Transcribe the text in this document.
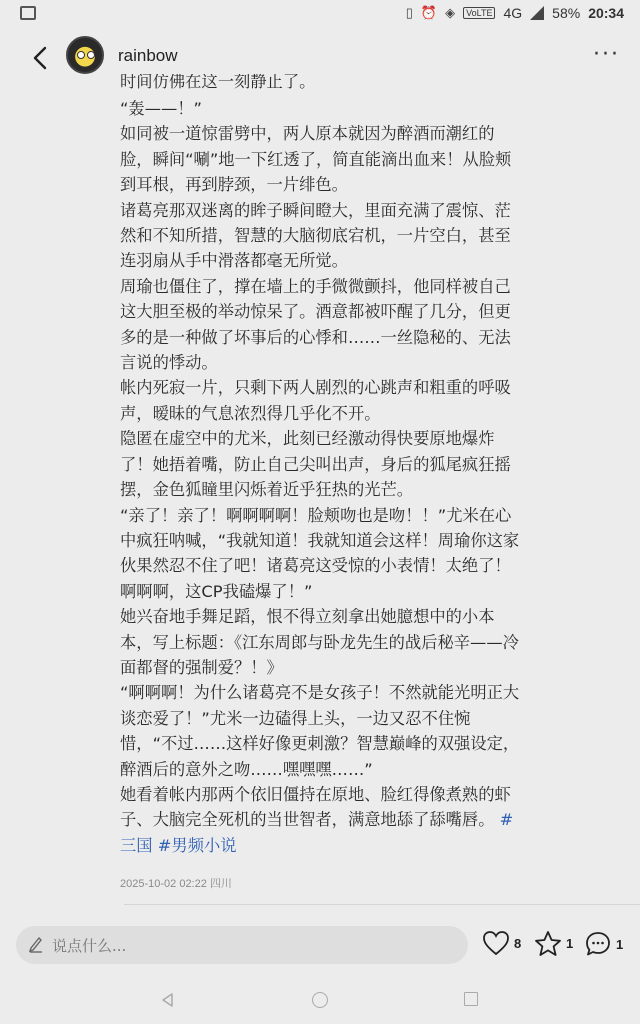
▯ ⏰ ◈	VoLTE 4G 58% 20:34
rainbow	···
时间仿佛在这一刻静止了。

“轰——！”

如同被一道惊雷劈中，两人原本就因为醉酒而潮红的脸，瞬间“唰”地一下红透了，简直能滴出血来！从脸颊到耳根，再到脖颈，一片绯色。

诸葛亮那双迷离的眸子瞬间瞪大，里面充满了震惊、茫然和不知所措，智慧的大脑彻底宕机，一片空白，甚至连羽扇从手中滑落都毫无所觉。

周瑜也僵住了，撑在墙上的手微微颤抖，他同样被自己这大胆至极的举动惊呆了。酒意都被吓醒了几分，但更多的是一种做了坏事后的心悸和……一丝隐秘的、无法言说的悸动。

帐内死寂一片，只剩下两人剧烈的心跳声和粗重的呼吸声，暧昧的气息浓烈得几乎化不开。

隐匿在虚空中的尤米，此刻已经激动得快要原地爆炸了！她捂着嘴，防止自己尖叫出声，身后的狐尾疯狂摇摆，金色狐瞳里闪烁着近乎狂热的光芒。

“亲了！亲了！啊啊啊啊！脸颊吻也是吻！！”尤米在心中疯狂呐喊，“我就知道！我就知道会这样！周瑜你这家伙果然忍不住了吧！诸葛亮这受惊的小表情！太绝了！啊啊啊，这CP我磕爆了！”

她兴奋地手舞足蹈，恨不得立刻拿出她臆想中的小本本，写上标题：《江东周郎与卧龙先生的战后秘辛——冷面都督的强制爱？！》

“啊啊啊！为什么诸葛亮不是女孩子！不然就能光明正大谈恋爱了！”尤米一边磕得上头，一边又忍不住惋惜，“不过……这样好像更刺激？智慧巅峰的双强设定，醉酒后的意外之吻……嘿嘿嘿……”

她看着帐内那两个依旧僵持在原地、脸红得像煮熟的虾子、大脑完全死机的当世智者，满意地舔了舔嘴唇。 #三国 #男频小说

2025-10-02 02:22 四川
说点什么...	8	1	1
